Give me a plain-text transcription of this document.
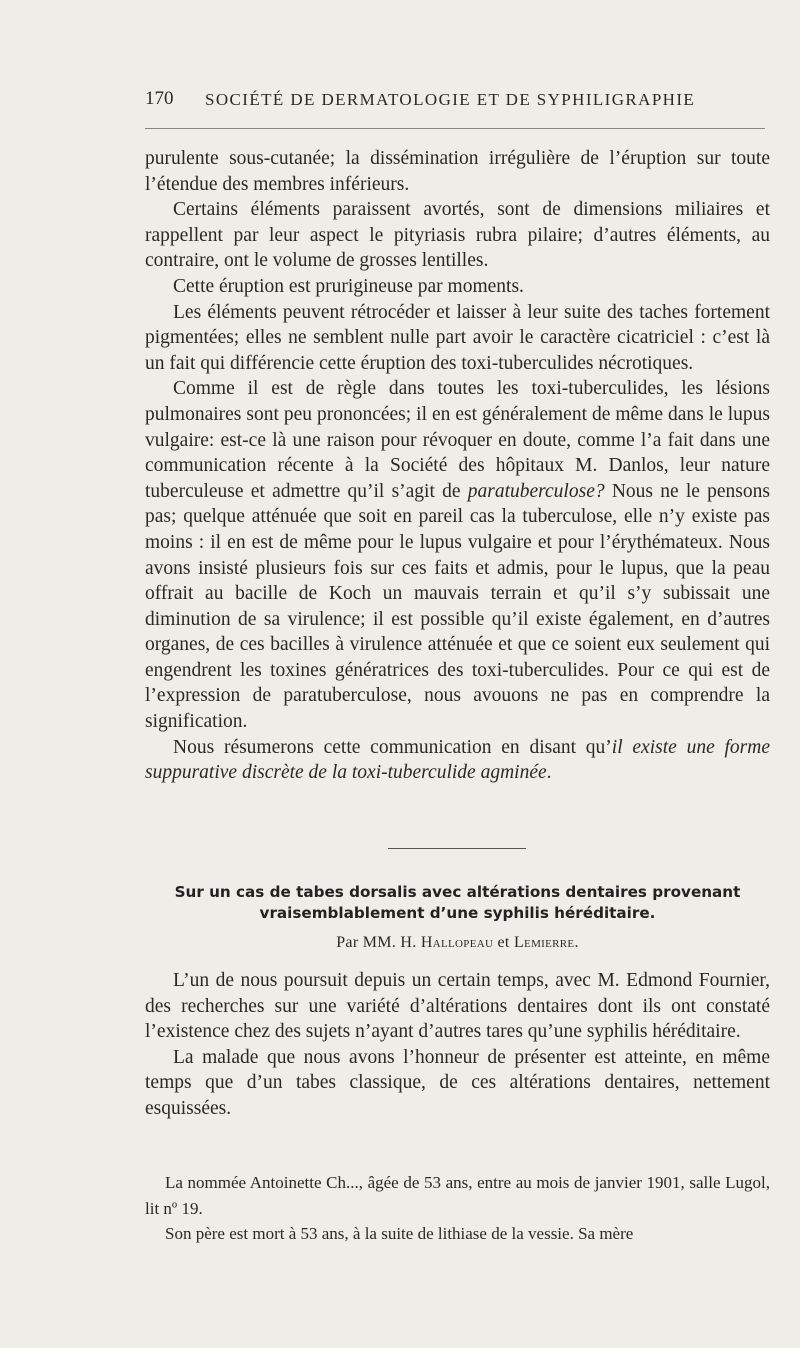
170 SOCIÉTÉ DE DERMATOLOGIE ET DE SYPHILIGRAPHIE

purulente sous-cutanée; la dissémination irrégulière de l’éruption sur toute l’étendue des membres inférieurs.

Certains éléments paraissent avortés, sont de dimensions miliaires et rappellent par leur aspect le pityriasis rubra pilaire; d’autres éléments, au contraire, ont le volume de grosses lentilles.

Cette éruption est prurigineuse par moments.

Les éléments peuvent rétrocéder et laisser à leur suite des taches fortement pigmentées; elles ne semblent nulle part avoir le caractère cicatriciel : c’est là un fait qui différencie cette éruption des toxi-tuberculides nécrotiques.

Comme il est de règle dans toutes les toxi-tuberculides, les lésions pulmonaires sont peu prononcées; il en est généralement de même dans le lupus vulgaire: est-ce là une raison pour révoquer en doute, comme l’a fait dans une communication récente à la Société des hôpitaux M. Danlos, leur nature tuberculeuse et admettre qu’il s’agit de paratuberculose? Nous ne le pensons pas; quelque atténuée que soit en pareil cas la tuberculose, elle n’y existe pas moins : il en est de même pour le lupus vulgaire et pour l’érythémateux. Nous avons insisté plusieurs fois sur ces faits et admis, pour le lupus, que la peau offrait au bacille de Koch un mauvais terrain et qu’il s’y subissait une diminution de sa virulence; il est possible qu’il existe également, en d’autres organes, de ces bacilles à virulence atténuée et que ce soient eux seulement qui engendrent les toxines génératrices des toxi-tuberculides. Pour ce qui est de l’expression de paratuberculose, nous avouons ne pas en comprendre la signification.

Nous résumerons cette communication en disant qu’il existe une forme suppurative discrète de la toxi-tuberculide agminée.

Sur un cas de tabes dorsalis avec altérations dentaires provenant vraisemblablement d’une syphilis héréditaire.
Par MM. H. Hallopeau et Lemierre.

L’un de nous poursuit depuis un certain temps, avec M. Edmond Fournier, des recherches sur une variété d’altérations dentaires dont ils ont constaté l’existence chez des sujets n’ayant d’autres tares qu’une syphilis héréditaire.

La malade que nous avons l’honneur de présenter est atteinte, en même temps que d’un tabes classique, de ces altérations dentaires, nettement esquissées.

La nommée Antoinette Ch..., âgée de 53 ans, entre au mois de janvier 1901, salle Lugol, lit nº 19.

Son père est mort à 53 ans, à la suite de lithiase de la vessie. Sa mère
